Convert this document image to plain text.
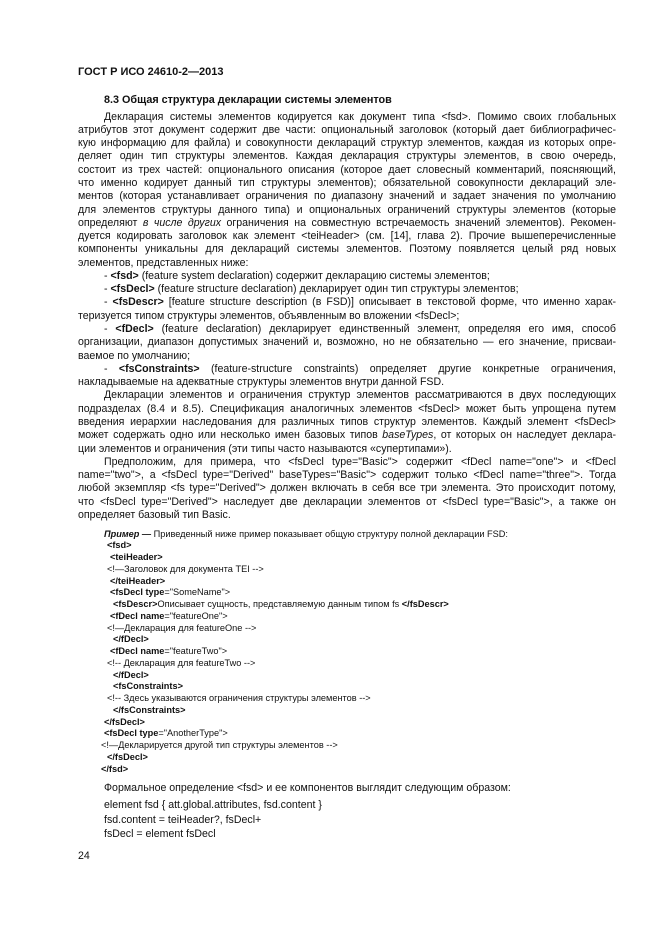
ГОСТ Р ИСО 24610-2—2013
8.3 Общая структура декларации системы элементов
Декларация системы элементов кодируется как документ типа <fsd>. Помимо своих глобальных
атрибутов этот документ содержит две части: опциональный заголовок (который дает библиографичес-
кую информацию для файла) и совокупности деклараций структур элементов, каждая из которых опре-
деляет один тип структуры элементов. Каждая декларация структуры элементов, в свою очередь,
состоит из трех частей: опционального описания (которое дает словесный комментарий, поясняющий,
что именно кодирует данный тип структуры элементов); обязательной совокупности деклараций эле-
ментов (которая устанавливает ограничения по диапазону значений и задает значения по умолчанию
для элементов структуры данного типа) и опциональных ограничений структуры элементов (которые
определяют в числе других ограничения на совместную встречаемость значений элементов). Рекомен-
дуется кодировать заголовок как элемент <teiHeader> (см. [14], глава 2). Прочие вышеперечисленные
компоненты уникальны для деклараций системы элементов. Поэтому появляется целый ряд новых
элементов, представленных ниже:
- <fsd> (feature system declaration) содержит декларацию системы элементов;
- <fsDecl> (feature structure declaration) декларирует один тип структуры элементов;
- <fsDescr> [feature structure description (в FSD)] описывает в текстовой форме, что именно харак-
теризуется типом структуры элементов, объявленным во вложении <fsDecl>;
- <fDecl> (feature declaration) декларирует единственный элемент, определяя его имя, способ
организации, диапазон допустимых значений и, возможно, но не обязательно — его значение, присваи-
ваемое по умолчанию;
- <fsConstraints> (feature-structure constraints) определяет другие конкретные ограничения,
накладываемые на адекватные структуры элементов внутри данной FSD.
Декларации элементов и ограничения структур элементов рассматриваются в двух последующих
подразделах (8.4 и 8.5). Спецификация аналогичных элементов <fsDecl> может быть упрощена путем
введения иерархии наследования для различных типов структур элементов. Каждый элемент <fsDecl>
может содержать одно или несколько имен базовых типов baseTypes, от которых он наследует деклара-
ции элементов и ограничения (эти типы часто называются «супертипами»).
Предположим, для примера, что <fsDecl type="Basic"> содержит <fDecl name="one"> и <fDecl
name="two">, а <fsDecl type="Derived" baseTypes="Basic"> содержит только <fDecl name="three">. Тогда
любой экземпляр <fs type="Derived"> должен включать в себя все три элемента. Это происходит потому,
что <fsDecl type="Derived"> наследует две декларации элементов от <fsDecl type="Basic">, а также он
определяет базовый тип Basic.
Пример — Приведенный ниже пример показывает общую структуру полной декларации FSD:
<fsd>
<teiHeader>
<!—Заголовок для документа TEI -->
</teiHeader>
<fsDecl type="SomeName">
<fsDescr>Описывает сущность, представляемую данным типом fs </fsDescr>
<fDecl name="featureOne">
<!—Декларация для featureOne -->
</fDecl>
<fDecl name="featureTwo">
<!-- Декларация для featureTwo -->
</fDecl>
<fsConstraints>
<!-- Здесь указываются ограничения структуры элементов -->
</fsConstraints>
</fsDecl>
<fsDecl type="AnotherType">
<!—Декларируется другой тип структуры элементов -->
</fsDecl>
</fsd>
Формальное определение <fsd> и ее компонентов выглядит следующим образом:
element fsd { att.global.attributes, fsd.content }
fsd.content = teiHeader?, fsDecl+
fsDecl = element fsDecl
24
